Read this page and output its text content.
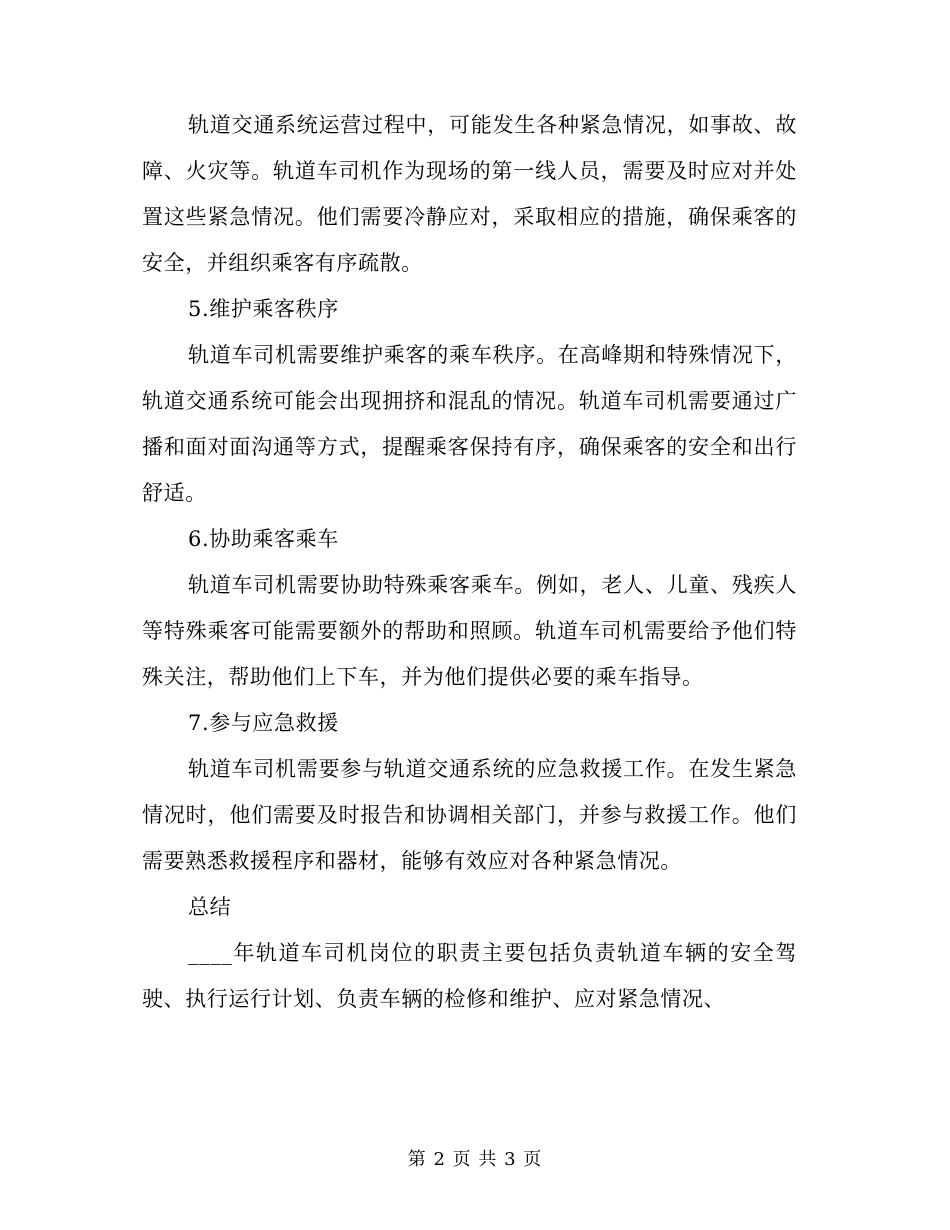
轨道交通系统运营过程中，可能发生各种紧急情况，如事故、故障、火灾等。轨道车司机作为现场的第一线人员，需要及时应对并处置这些紧急情况。他们需要冷静应对，采取相应的措施，确保乘客的安全，并组织乘客有序疏散。

5.维护乘客秩序

轨道车司机需要维护乘客的乘车秩序。在高峰期和特殊情况下，轨道交通系统可能会出现拥挤和混乱的情况。轨道车司机需要通过广播和面对面沟通等方式，提醒乘客保持有序，确保乘客的安全和出行舒适。

6.协助乘客乘车

轨道车司机需要协助特殊乘客乘车。例如，老人、儿童、残疾人等特殊乘客可能需要额外的帮助和照顾。轨道车司机需要给予他们特殊关注，帮助他们上下车，并为他们提供必要的乘车指导。

7.参与应急救援

轨道车司机需要参与轨道交通系统的应急救援工作。在发生紧急情况时，他们需要及时报告和协调相关部门，并参与救援工作。他们需要熟悉救援程序和器材，能够有效应对各种紧急情况。

总结

____年轨道车司机岗位的职责主要包括负责轨道车辆的安全驾驶、执行运行计划、负责车辆的检修和维护、应对紧急情况、

第 2 页 共 3 页
